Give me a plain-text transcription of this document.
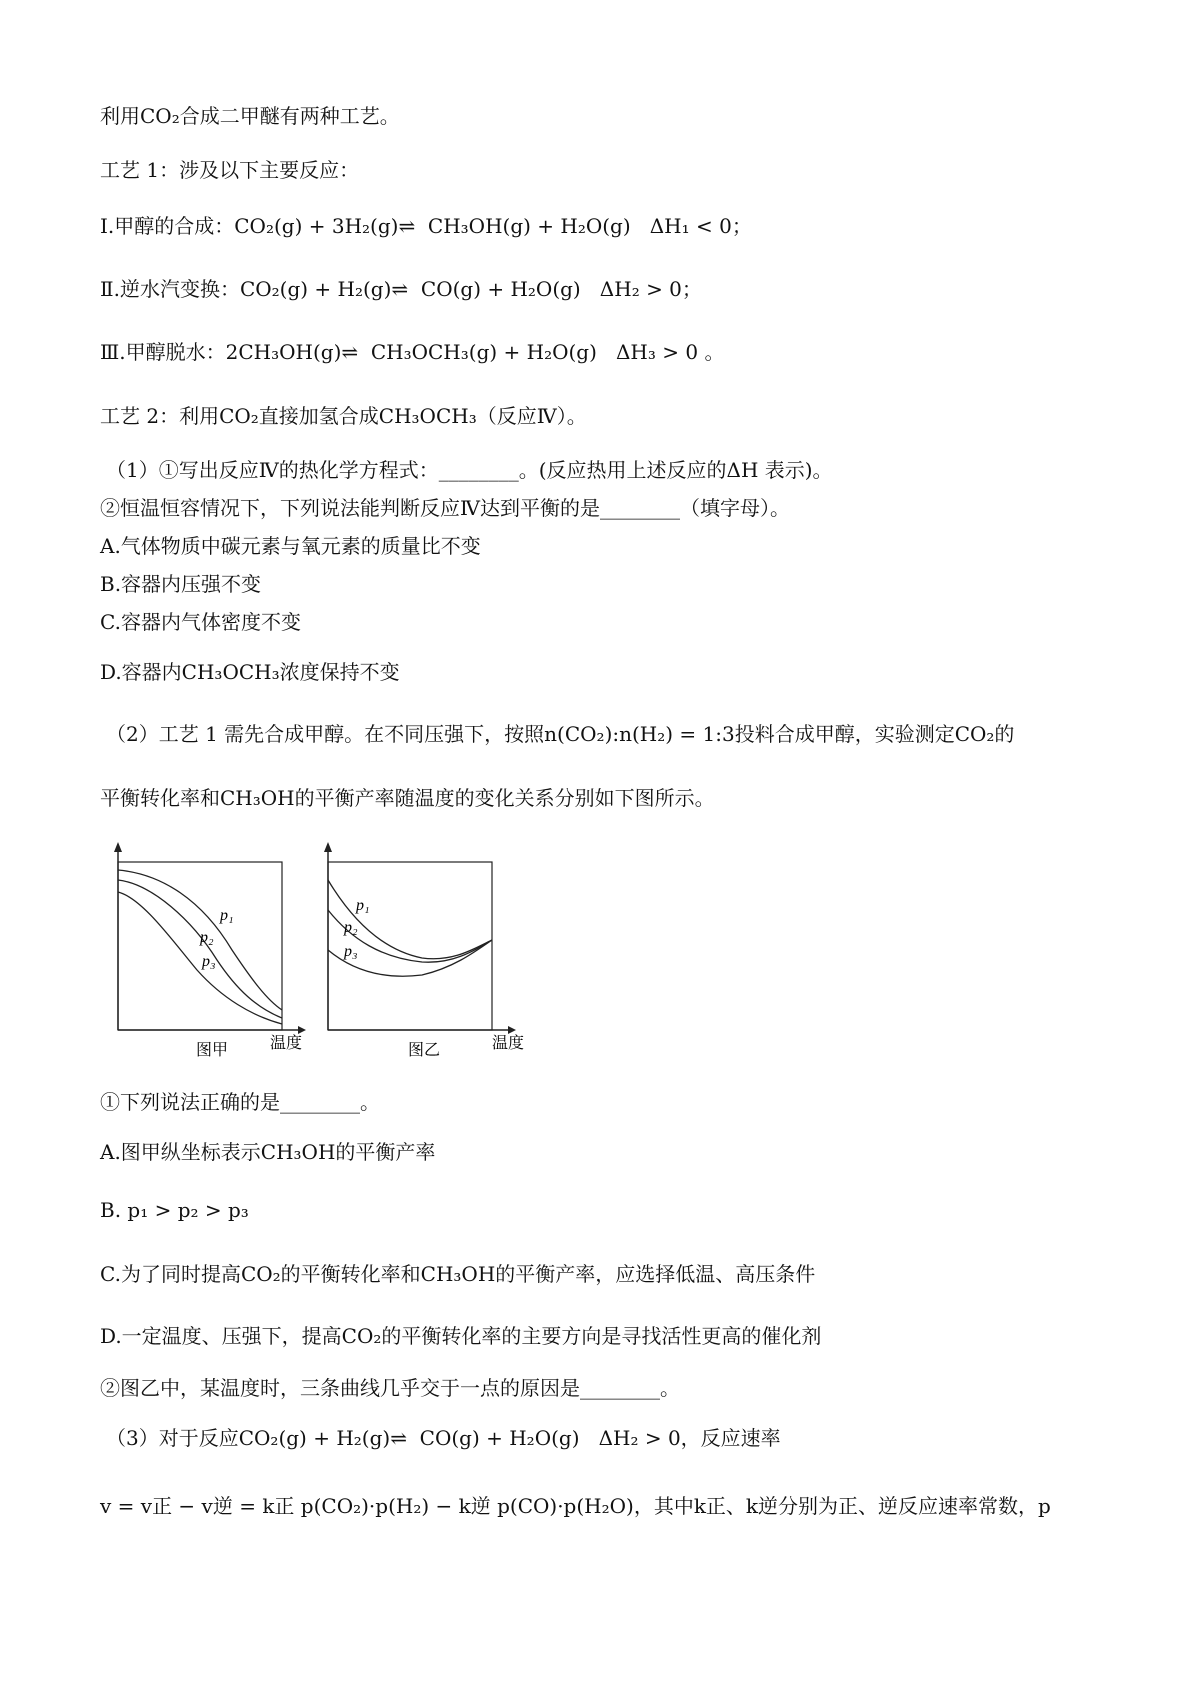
利用CO₂合成二甲醚有两种工艺。
工艺 1：涉及以下主要反应：
Ⅰ.甲醇的合成：CO₂(g) + 3H₂(g)⇌  CH₃OH(g) + H₂O(g)   ΔH₁ < 0；
Ⅱ.逆水汽变换：CO₂(g) + H₂(g)⇌  CO(g) + H₂O(g)   ΔH₂ > 0；
Ⅲ.甲醇脱水：2CH₃OH(g)⇌  CH₃OCH₃(g) + H₂O(g)   ΔH₃ > 0 。
工艺 2：利用CO₂直接加氢合成CH₃OCH₃（反应Ⅳ）。
（1）①写出反应Ⅳ的热化学方程式：________。(反应热用上述反应的ΔH 表示)。
②恒温恒容情况下，下列说法能判断反应Ⅳ达到平衡的是________（填字母）。
A.气体物质中碳元素与氧元素的质量比不变
B.容器内压强不变
C.容器内气体密度不变
D.容器内CH₃OCH₃浓度保持不变
（2）工艺 1 需先合成甲醇。在不同压强下，按照n(CO₂):n(H₂) = 1:3投料合成甲醇，实验测定CO₂的
平衡转化率和CH₃OH的平衡产率随温度的变化关系分别如下图所示。
p₁
p₂
p₃
图甲	温度
p₁
p₂
p₃
图乙	温度
①下列说法正确的是________。
A.图甲纵坐标表示CH₃OH的平衡产率
B. p₁ > p₂ > p₃
C.为了同时提高CO₂的平衡转化率和CH₃OH的平衡产率，应选择低温、高压条件
D.一定温度、压强下，提高CO₂的平衡转化率的主要方向是寻找活性更高的催化剂
②图乙中，某温度时，三条曲线几乎交于一点的原因是________。
（3）对于反应CO₂(g) + H₂(g)⇌  CO(g) + H₂O(g)   ΔH₂ > 0，反应速率
v = v正 − v逆 = k正 p(CO₂)·p(H₂) − k逆 p(CO)·p(H₂O)，其中k正、k逆分别为正、逆反应速率常数，p
